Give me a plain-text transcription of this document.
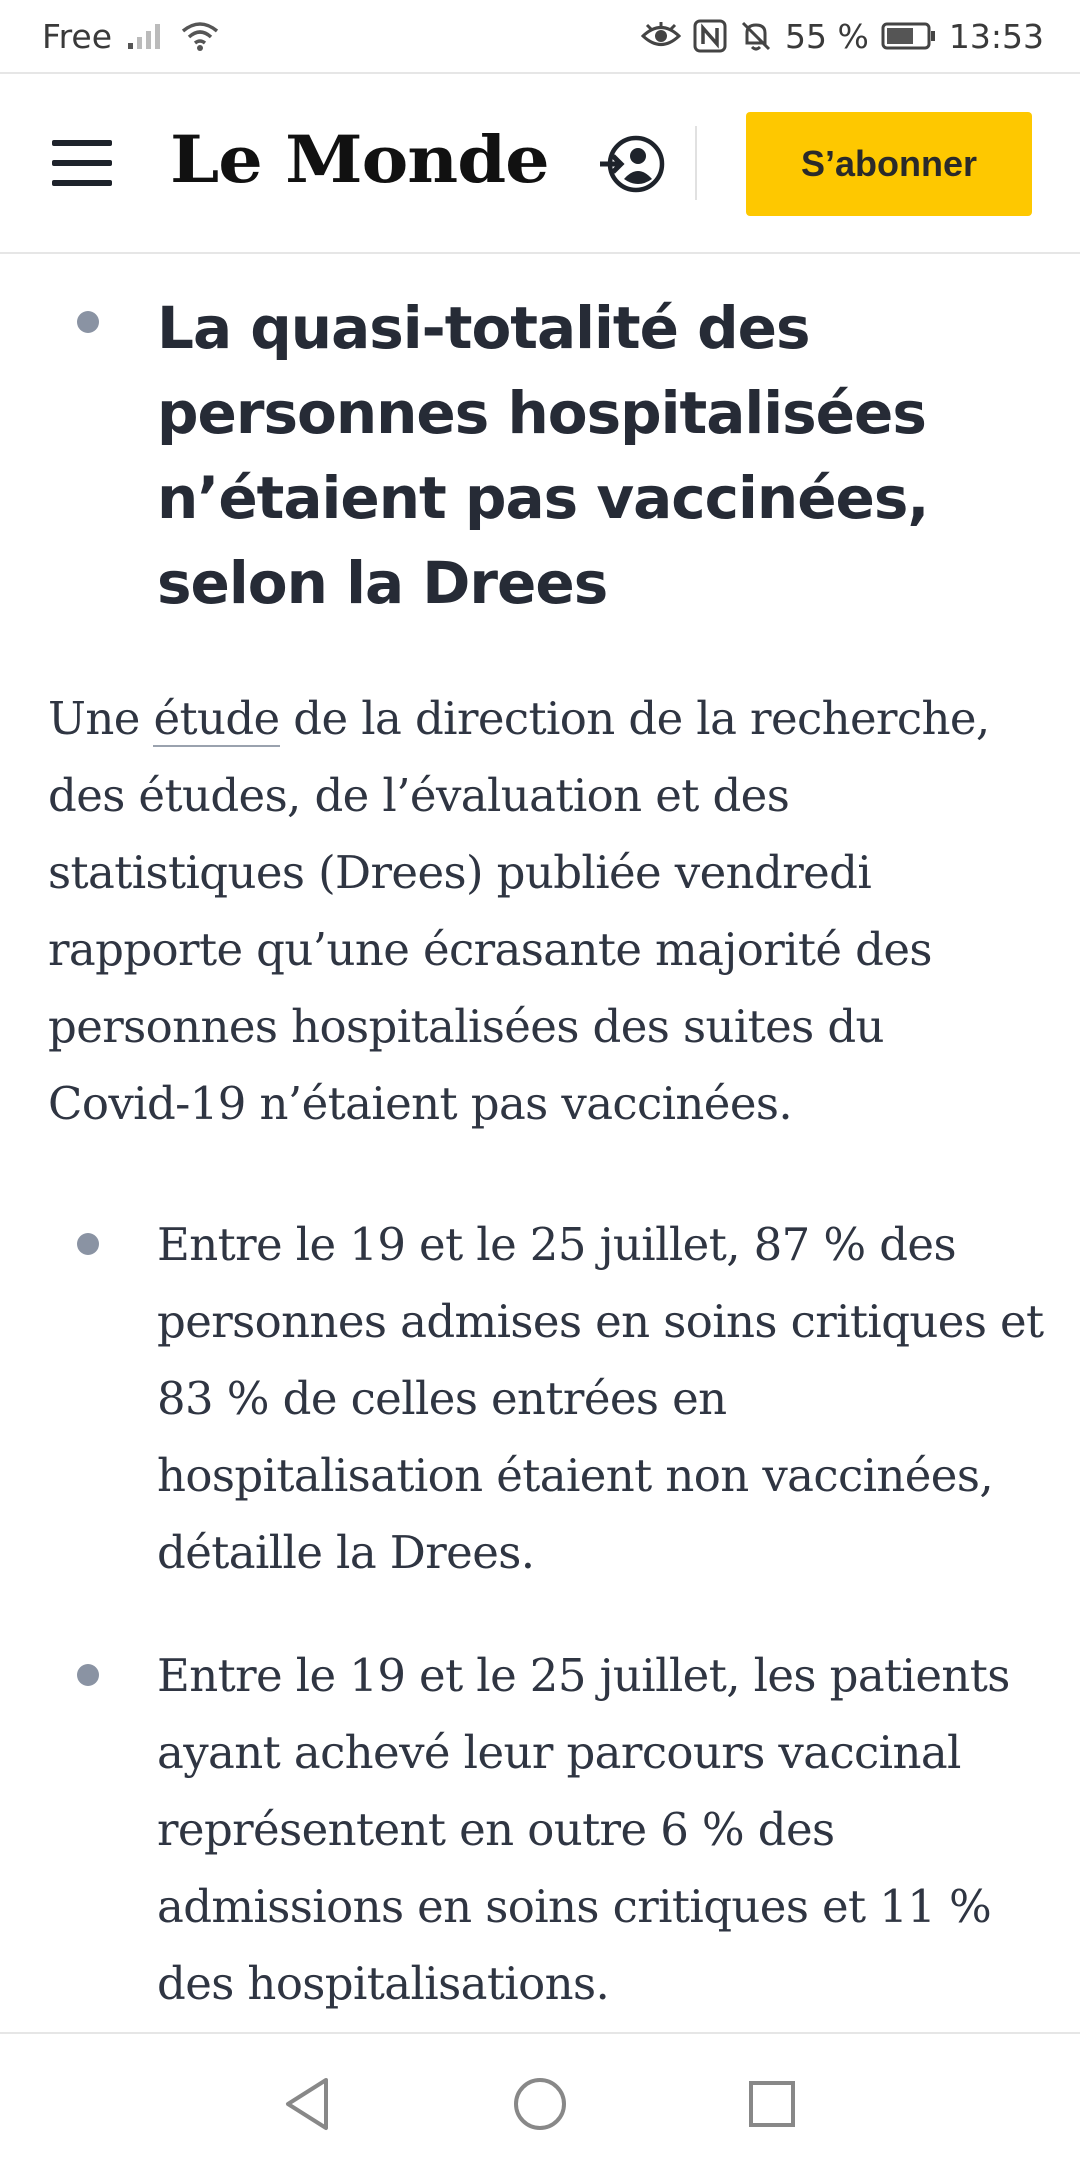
Free	55 % 13:53
Le Monde	S’abonner
La quasi-totalité des personnes hospitalisées n’étaient pas vaccinées, selon la Drees

Une étude de la direction de la recherche, des études, de l’évaluation et des statistiques (Drees) publiée vendredi rapporte qu’une écrasante majorité des personnes hospitalisées des suites du Covid-19 n’étaient pas vaccinées.

Entre le 19 et le 25 juillet, 87 % des personnes admises en soins critiques et 83 % de celles entrées en hospitalisation étaient non vaccinées, détaille la Drees.

Entre le 19 et le 25 juillet, les patients ayant achevé leur parcours vaccinal représentent en outre 6 % des admissions en soins critiques et 11 % des hospitalisations.
